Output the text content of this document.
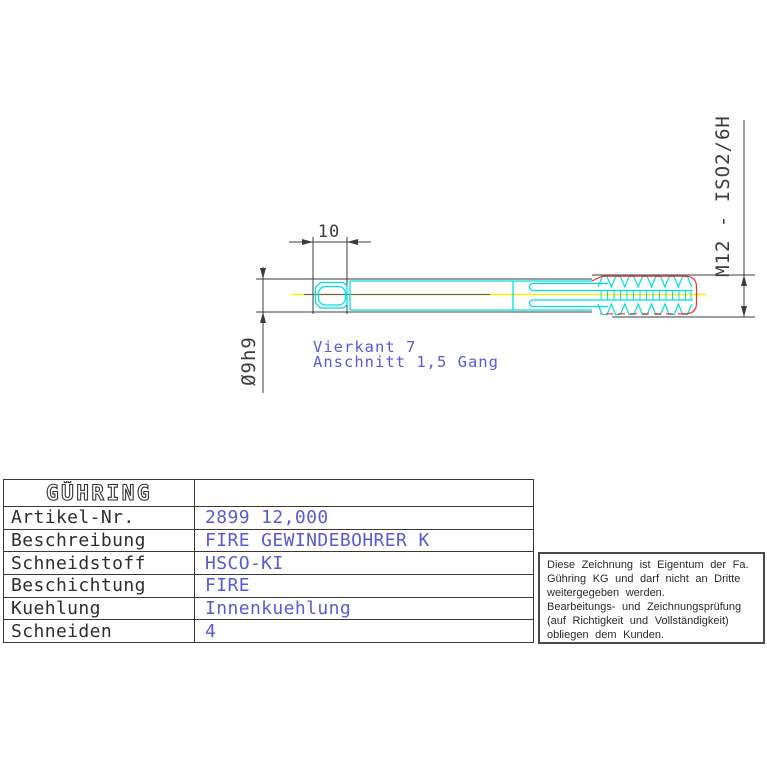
10
Ø9h9
M12 - ISO2/6H
Vierkant 7
Anschnitt 1,5 Gang
GÜHRING
Artikel-Nr.	2899 12,000
Beschreibung	FIRE GEWINDEBOHRER K
Schneidstoff	HSCO-KI
Beschichtung	FIRE
Kuehlung	Innenkuehlung
Schneiden	4
Diese Zeichnung ist Eigentum der Fa.
Gühring KG und darf nicht an Dritte
weitergegeben werden.
Bearbeitungs- und Zeichnungsprüfung
(auf Richtigkeit und Vollständigkeit)
obliegen dem Kunden.
